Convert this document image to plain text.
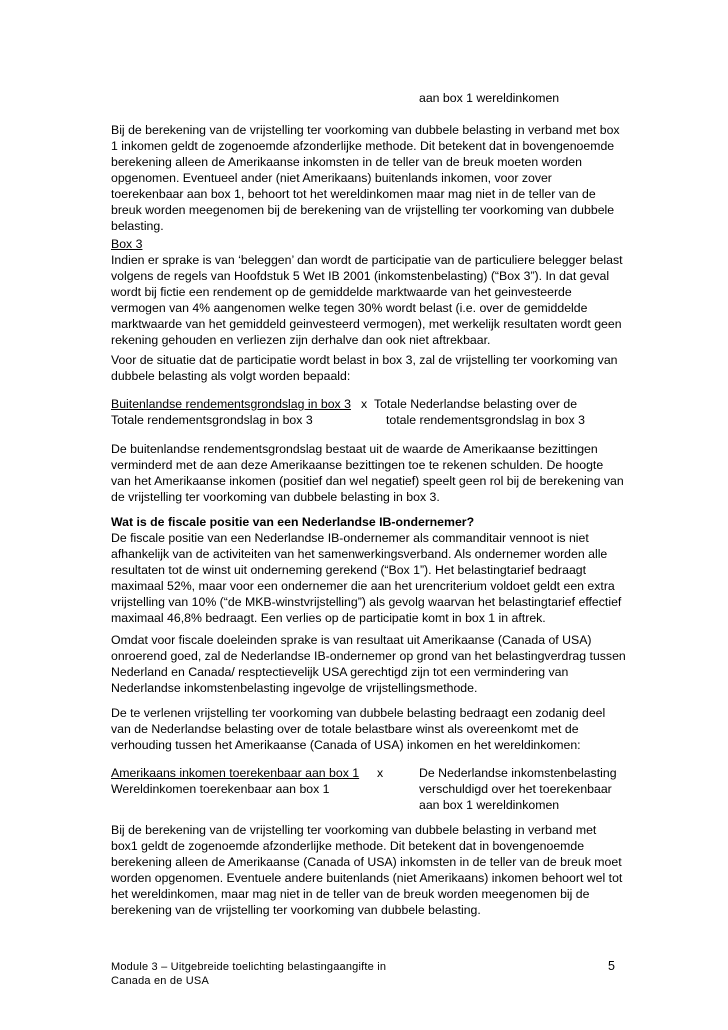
aan box 1 wereldinkomen

Bij de berekening van de vrijstelling ter voorkoming van dubbele belasting in verband met box 1 inkomen geldt de zogenoemde afzonderlijke methode. Dit betekent dat in bovengenoemde berekening alleen de Amerikaanse inkomsten in de teller van de breuk moeten worden opgenomen. Eventueel ander (niet Amerikaans) buitenlands inkomen, voor zover toerekenbaar aan box 1, behoort tot het wereldinkomen maar mag niet in de teller van de breuk worden meegenomen bij de berekening van de vrijstelling ter voorkoming van dubbele belasting.

Box 3

Indien er sprake is van ‘beleggen’ dan wordt de participatie van de particuliere belegger belast volgens de regels van Hoofdstuk 5 Wet IB 2001 (inkomstenbelasting) (“Box 3”). In dat geval wordt bij fictie een rendement op de gemiddelde marktwaarde van het geinvesteerde vermogen van 4% aangenomen welke tegen 30% wordt belast (i.e. over de gemiddelde marktwaarde van het gemiddeld geinvesteerd vermogen), met werkelijk resultaten wordt geen rekening gehouden en verliezen zijn derhalve dan ook niet aftrekbaar.

Voor de situatie dat de participatie wordt belast in box 3, zal de vrijstelling ter voorkoming van dubbele belasting als volgt worden bepaald:

Buitenlandse rendementsgrondslag in box 3
Totale rendementsgrondslag in box 3
x Totale Nederlandse belasting over de
totale rendementsgrondslag in box 3

De buitenlandse rendementsgrondslag bestaat uit de waarde de Amerikaanse bezittingen verminderd met de aan deze Amerikaanse bezittingen toe te rekenen schulden. De hoogte van het Amerikaanse inkomen (positief dan wel negatief) speelt geen rol bij de berekening van de vrijstelling ter voorkoming van dubbele belasting in box 3.

Wat is de fiscale positie van een Nederlandse IB-ondernemer?

De fiscale positie van een Nederlandse IB-ondernemer als commanditair vennoot is niet afhankelijk van de activiteiten van het samenwerkingsverband. Als ondernemer worden alle resultaten tot de winst uit onderneming gerekend (“Box 1”). Het belastingtarief bedraagt maximaal 52%, maar voor een ondernemer die aan het urencriterium voldoet geldt een extra vrijstelling van 10% (“de MKB-winstvrijstelling”) als gevolg waarvan het belastingtarief effectief maximaal 46,8% bedraagt. Een verlies op de participatie komt in box 1 in aftrek.

Omdat voor fiscale doeleinden sprake is van resultaat uit Amerikaanse (Canada of USA) onroerend goed, zal de Nederlandse IB-ondernemer op grond van het belastingverdrag tussen Nederland en Canada/ resptectievelijk USA gerechtigd zijn tot een vermindering van Nederlandse inkomstenbelasting ingevolge de vrijstellingsmethode.

De te verlenen vrijstelling ter voorkoming van dubbele belasting bedraagt een zodanig deel van de Nederlandse belasting over de totale belastbare winst als overeenkomt met de verhouding tussen het Amerikaanse (Canada of USA) inkomen en het wereldinkomen:

Amerikaans inkomen toerekenbaar aan box 1
Wereldinkomen toerekenbaar aan box 1
x	De Nederlandse inkomstenbelasting
verschuldigd over het toerekenbaar
aan box 1 wereldinkomen

Bij de berekening van de vrijstelling ter voorkoming van dubbele belasting in verband met box1 geldt de zogenoemde afzonderlijke methode. Dit betekent dat in bovengenoemde berekening alleen de Amerikaanse (Canada of USA) inkomsten in de teller van de breuk moet worden opgenomen. Eventuele andere buitenlands (niet Amerikaans) inkomen behoort wel tot het wereldinkomen, maar mag niet in de teller van de breuk worden meegenomen bij de berekening van de vrijstelling ter voorkoming van dubbele belasting.

Module 3 – Uitgebreide toelichting belastingaangifte in
Canada en de USA
5
